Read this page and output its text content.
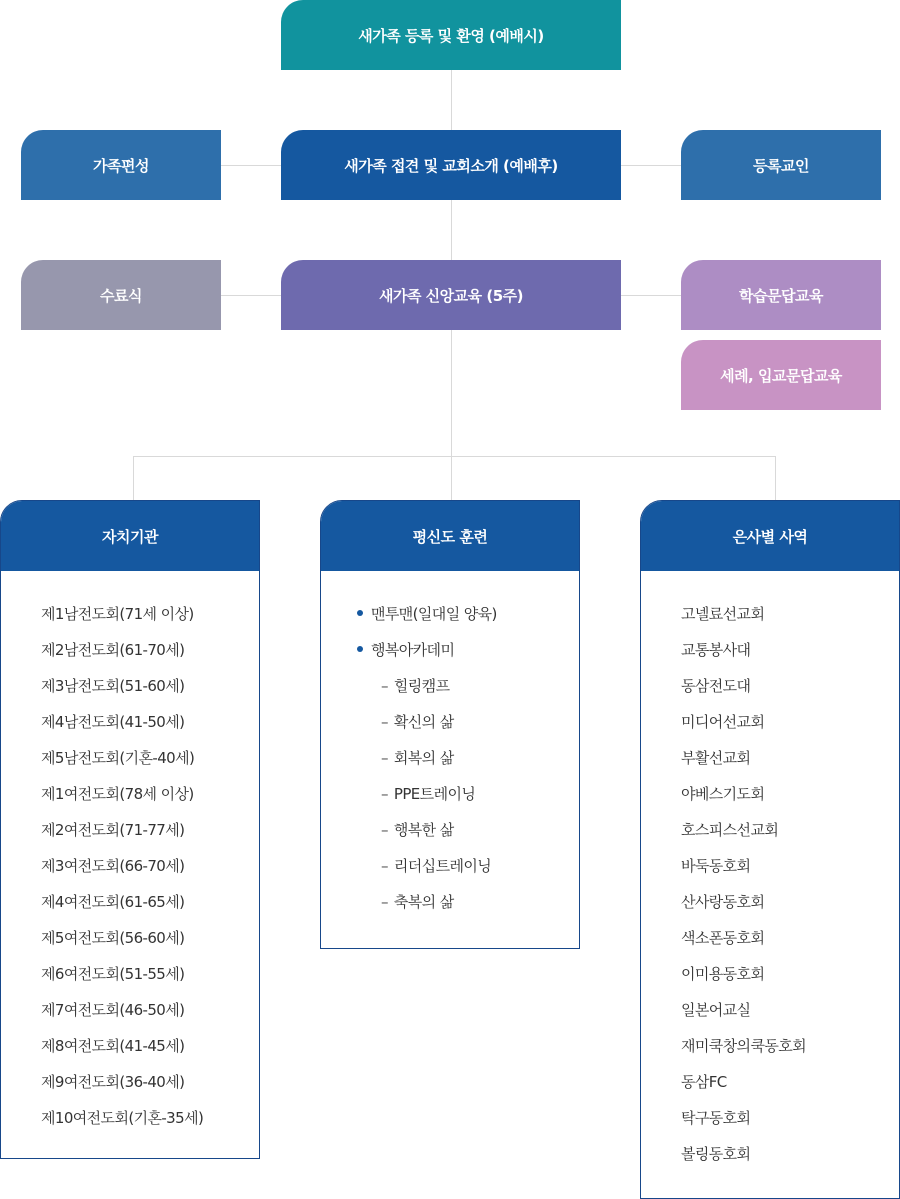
새가족 등록 및 환영 (예배시)
가족편성	새가족 접견 및 교회소개 (예배후)	등록교인
수료식	새가족 신앙교육 (5주)	학습문답교육
세례, 입교문답교육
자치기관
제1남전도회(71세 이상)
제2남전도회(61-70세)
제3남전도회(51-60세)
제4남전도회(41-50세)
제5남전도회(기혼-40세)
제1여전도회(78세 이상)
제2여전도회(71-77세)
제3여전도회(66-70세)
제4여전도회(61-65세)
제5여전도회(56-60세)
제6여전도회(51-55세)
제7여전도회(46-50세)
제8여전도회(41-45세)
제9여전도회(36-40세)
제10여전도회(기혼-35세)
평신도 훈련
맨투맨(일대일 양육)
행복아카데미
– 힐링캠프
– 확신의 삶
– 회복의 삶
– PPE트레이닝
– 행복한 삶
– 리더십트레이닝
– 축복의 삶
은사별 사역
고넬료선교회
교통봉사대
동삼전도대
미디어선교회
부활선교회
야베스기도회
호스피스선교회
바둑동호회
산사랑동호회
색소폰동호회
이미용동호회
일본어교실
재미쿡창의쿡동호회
동삼FC
탁구동호회
볼링동호회
